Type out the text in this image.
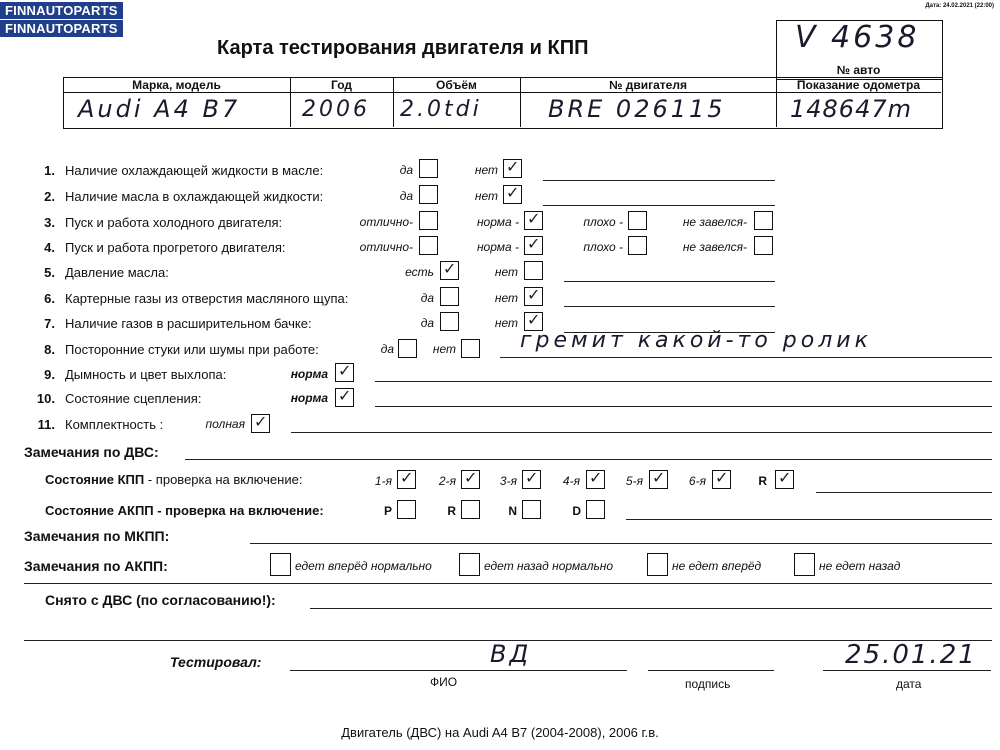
FINNAUTOPARTS
FINNAUTOPARTS
Дата: 24.02.2021 (22:00)
Карта тестирования двигателя и КПП	V 4638
№ авто
Марка, модель	Год	Объём	№ двигателя	Показание одометра
Audi A4 B7	2006 2.0tdi	BRE 026115	148647m
1. Наличие охлаждающей жидкости в масле:	да	нет ✓
2. Наличие масла в охлаждающей жидкости:	да	нет ✓
3. Пуск и работа холодного двигателя:	отлично-	норма - ✓	плохо -	не завелся-
4. Пуск и работа прогретого двигателя:	отлично-	норма - ✓	плохо -	не завелся-
5. Давление масла:	есть ✓	нет
6. Картерные газы из отверстия масляного щупа:	да	нет ✓
7. Наличие газов в расширительном бачке:	да	нет ✓
8. Посторонние стуки или шумы при работе:	да	нет	гремит какой-то ролик
9. Дымность и цвет выхлопа:	норма ✓
10. Состояние сцепления:	норма ✓
11. Комплектность :	полная ✓
Замечания по ДВС:
Состояние КПП - проверка на включение:	1-я ✓	2-я ✓	3-я ✓	4-я ✓	5-я ✓	6-я ✓	R ✓
Состояние АКПП - проверка на включение:	P	R	N	D
Замечания по МКПП:
Замечания по АКПП:	едет вперёд нормально	едет назад нормально	не едет вперёд	не едет назад
Снято с ДВС (по согласованию!):
Тестировал:	ВД	25.01.21
ФИО	подпись	дата
Двигатель (ДВС) на Audi A4 B7 (2004-2008), 2006 г.в.
